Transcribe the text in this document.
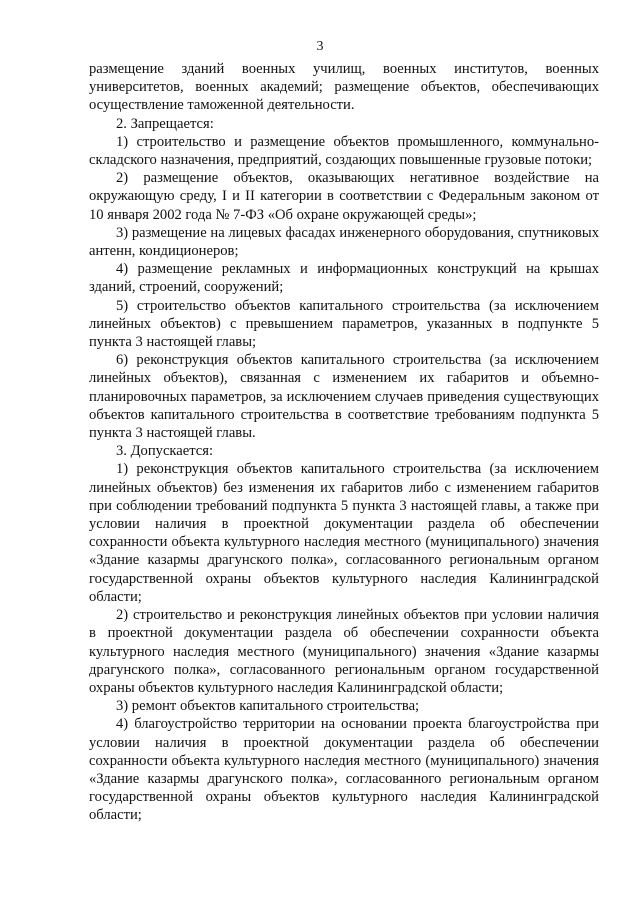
3

размещение зданий военных училищ, военных институтов, военных университетов, военных академий; размещение объектов, обеспечивающих осуществление таможенной деятельности.

2. Запрещается:

1) строительство и размещение объектов промышленного, коммунально-складского назначения, предприятий, создающих повышенные грузовые потоки;

2) размещение объектов, оказывающих негативное воздействие на окружающую среду, I и II категории в соответствии с Федеральным законом от 10 января 2002 года № 7-ФЗ «Об охране окружающей среды»;

3) размещение на лицевых фасадах инженерного оборудования, спутниковых антенн, кондиционеров;

4) размещение рекламных и информационных конструкций на крышах зданий, строений, сооружений;

5) строительство объектов капитального строительства (за исключением линейных объектов) с превышением параметров, указанных в подпункте 5 пункта 3 настоящей главы;

6) реконструкция объектов капитального строительства (за исключением линейных объектов), связанная с изменением их габаритов и объемно-планировочных параметров, за исключением случаев приведения существующих объектов капитального строительства в соответствие требованиям подпункта 5 пункта 3 настоящей главы.

3. Допускается:

1) реконструкция объектов капитального строительства (за исключением линейных объектов) без изменения их габаритов либо с изменением габаритов при соблюдении требований подпункта 5 пункта 3 настоящей главы, а также при условии наличия в проектной документации раздела об обеспечении сохранности объекта культурного наследия местного (муниципального) значения «Здание казармы драгунского полка», согласованного региональным органом государственной охраны объектов культурного наследия Калининградской области;

2) строительство и реконструкция линейных объектов при условии наличия в проектной документации раздела об обеспечении сохранности объекта культурного наследия местного (муниципального) значения «Здание казармы драгунского полка», согласованного региональным органом государственной охраны объектов культурного наследия Калининградской области;

3) ремонт объектов капитального строительства;

4) благоустройство территории на основании проекта благоустройства при условии наличия в проектной документации раздела об обеспечении сохранности объекта культурного наследия местного (муниципального) значения «Здание казармы драгунского полка», согласованного региональным органом государственной охраны объектов культурного наследия Калининградской области;
